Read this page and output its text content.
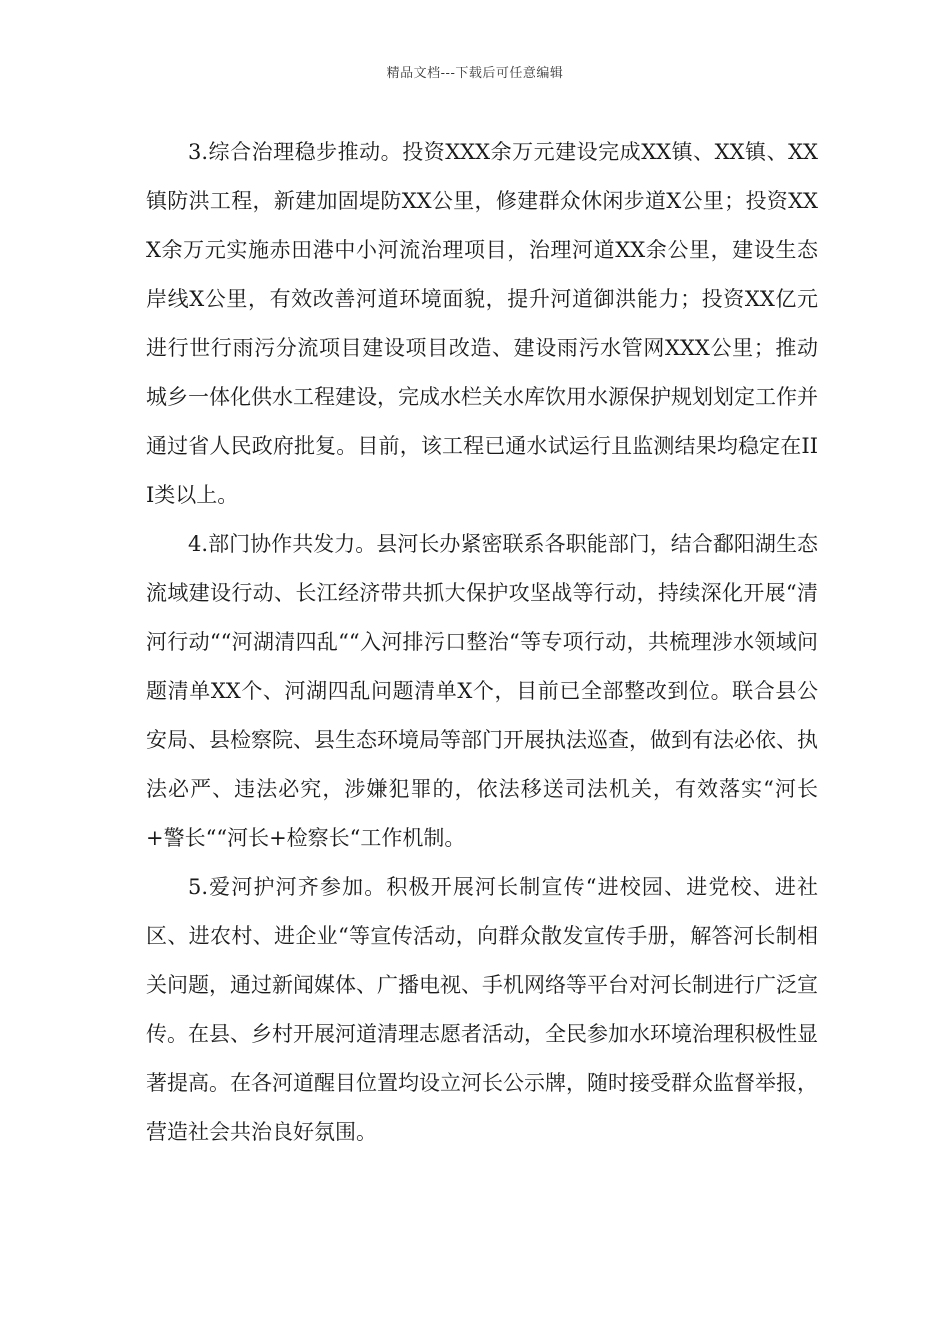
精品文档---下载后可任意编辑

3.综合治理稳步推动。投资XXX余万元建设完成XX镇、XX镇、XX镇防洪工程，新建加固堤防XX公里，修建群众休闲步道X公里；投资XXX余万元实施赤田港中小河流治理项目，治理河道XX余公里，建设生态岸线X公里，有效改善河道环境面貌，提升河道御洪能力；投资XX亿元进行世行雨污分流项目建设项目改造、建设雨污水管网XXX公里；推动城乡一体化供水工程建设，完成水栏关水库饮用水源保护规划划定工作并通过省人民政府批复。目前，该工程已通水试运行且监测结果均稳定在III类以上。

4.部门协作共发力。县河长办紧密联系各职能部门，结合鄱阳湖生态流域建设行动、长江经济带共抓大保护攻坚战等行动，持续深化开展“清河行动““河湖清四乱““入河排污口整治“等专项行动，共梳理涉水领域问题清单XX个、河湖四乱问题清单X个，目前已全部整改到位。联合县公安局、县检察院、县生态环境局等部门开展执法巡查，做到有法必依、执法必严、违法必究，涉嫌犯罪的，依法移送司法机关，有效落实“河长+警长““河长+检察长“工作机制。

5.爱河护河齐参加。积极开展河长制宣传“进校园、进党校、进社区、进农村、进企业“等宣传活动，向群众散发宣传手册，解答河长制相关问题，通过新闻媒体、广播电视、手机网络等平台对河长制进行广泛宣传。在县、乡村开展河道清理志愿者活动，全民参加水环境治理积极性显著提高。在各河道醒目位置均设立河长公示牌，随时接受群众监督举报，营造社会共治良好氛围。
